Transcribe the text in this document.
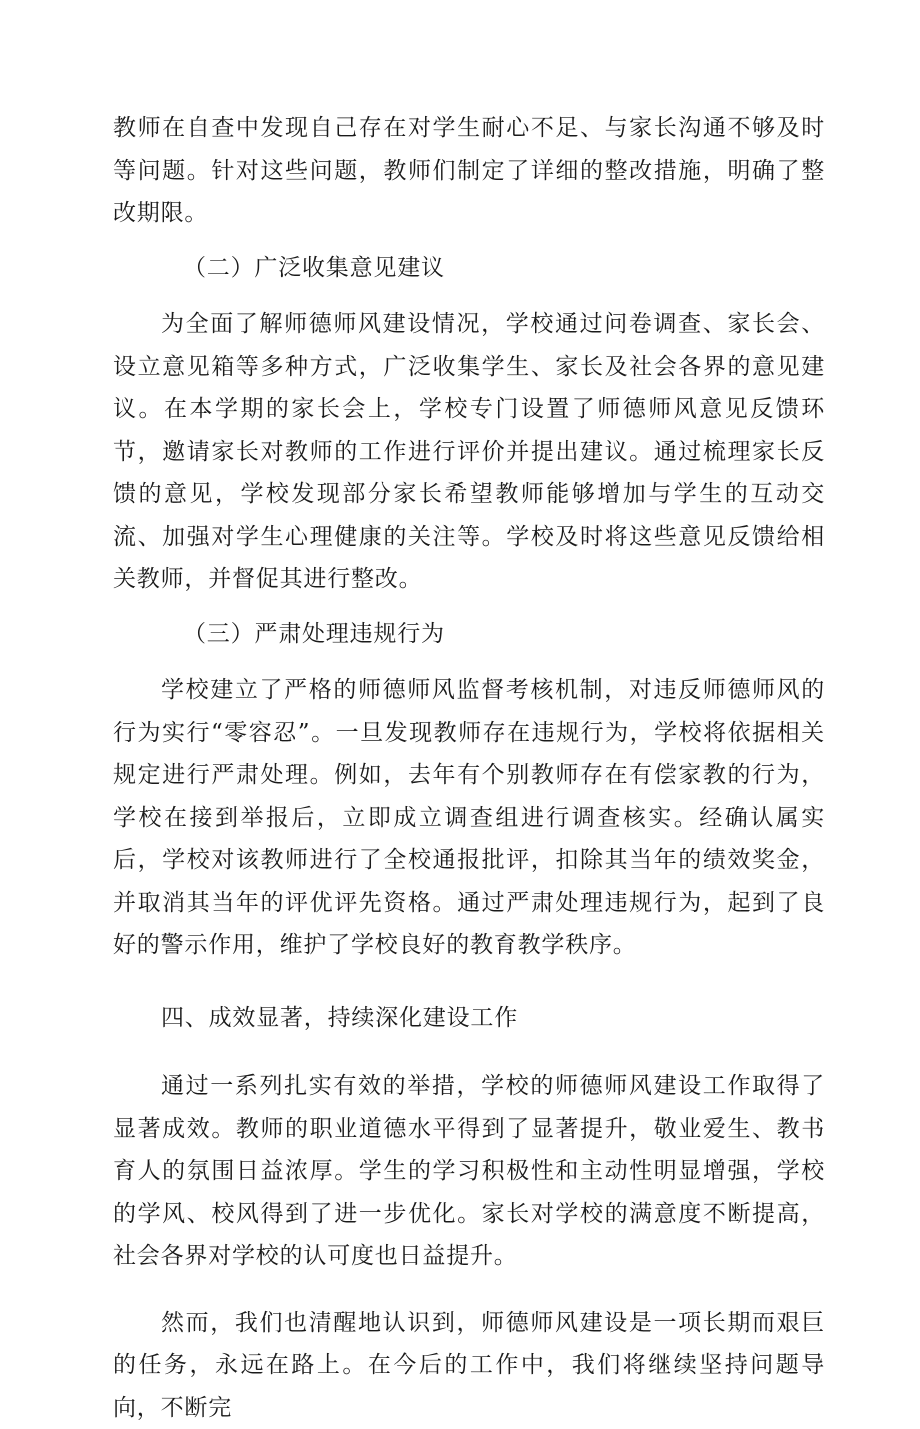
教师在自查中发现自己存在对学生耐心不足、与家长沟通不够及时等问题。针对这些问题，教师们制定了详细的整改措施，明确了整改期限。

（二）广泛收集意见建议

为全面了解师德师风建设情况，学校通过问卷调查、家长会、设立意见箱等多种方式，广泛收集学生、家长及社会各界的意见建议。在本学期的家长会上，学校专门设置了师德师风意见反馈环节，邀请家长对教师的工作进行评价并提出建议。通过梳理家长反馈的意见，学校发现部分家长希望教师能够增加与学生的互动交流、加强对学生心理健康的关注等。学校及时将这些意见反馈给相关教师，并督促其进行整改。

（三）严肃处理违规行为

学校建立了严格的师德师风监督考核机制，对违反师德师风的行为实行“零容忍”。一旦发现教师存在违规行为，学校将依据相关规定进行严肃处理。例如，去年有个别教师存在有偿家教的行为，学校在接到举报后，立即成立调查组进行调查核实。经确认属实后，学校对该教师进行了全校通报批评，扣除其当年的绩效奖金，并取消其当年的评优评先资格。通过严肃处理违规行为，起到了良好的警示作用，维护了学校良好的教育教学秩序。

四、成效显著，持续深化建设工作

通过一系列扎实有效的举措，学校的师德师风建设工作取得了显著成效。教师的职业道德水平得到了显著提升，敬业爱生、教书育人的氛围日益浓厚。学生的学习积极性和主动性明显增强，学校的学风、校风得到了进一步优化。家长对学校的满意度不断提高，社会各界对学校的认可度也日益提升。

然而，我们也清醒地认识到，师德师风建设是一项长期而艰巨的任务，永远在路上。在今后的工作中，我们将继续坚持问题导向，不断完
